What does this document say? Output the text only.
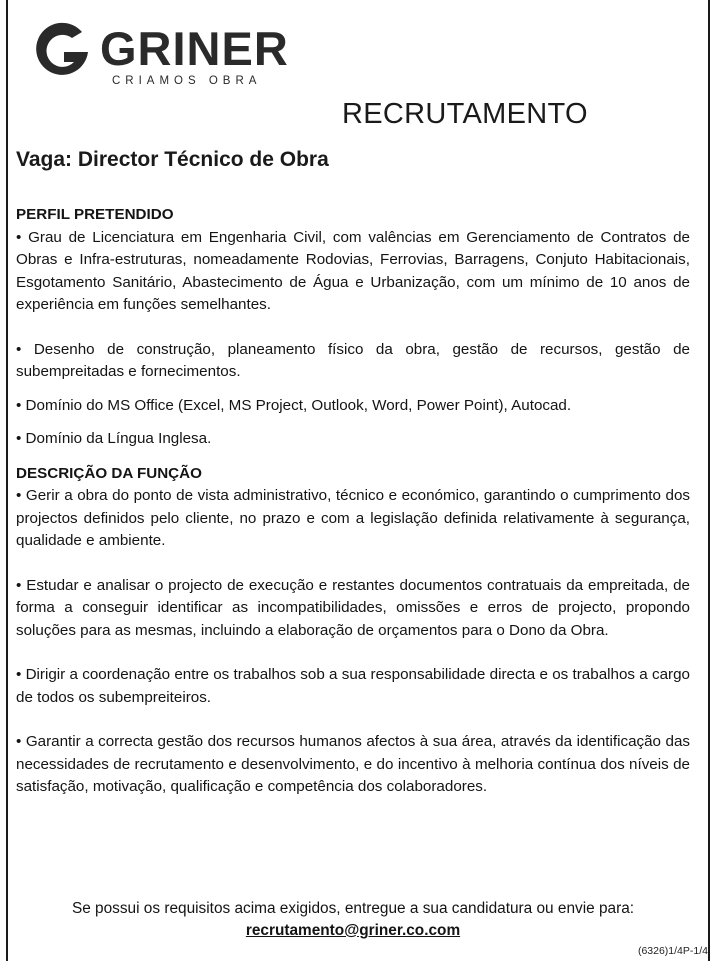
GRINER
CRIAMOS OBRA
RECRUTAMENTO
Vaga: Director Técnico de Obra

PERFIL PRETENDIDO

• Grau de Licenciatura em Engenharia Civil, com valências em Gerenciamento de Contratos de Obras e Infra-estruturas, nomeadamente Rodovias, Ferrovias, Barragens, Conjuto Habitacionais, Esgotamento Sanitário, Abastecimento de Água e Urbanização, com um mínimo de 10 anos de experiência em funções semelhantes.

• Desenho de construção, planeamento físico da obra, gestão de recursos, gestão de subempreitadas e fornecimentos.

• Domínio do MS Office (Excel, MS Project, Outlook, Word, Power Point), Autocad.

• Domínio da Língua Inglesa.

DESCRIÇÃO DA FUNÇÃO

• Gerir a obra do ponto de vista administrativo, técnico e económico, garantindo o cumprimento dos projectos definidos pelo cliente, no prazo e com a legislação definida relativamente à segurança, qualidade e ambiente.

• Estudar e analisar o projecto de execução e restantes documentos contratuais da empreitada, de forma a conseguir identificar as incompatibilidades, omissões e erros de projecto, propondo soluções para as mesmas, incluindo a elaboração de orçamentos para o Dono da Obra.

• Dirigir a coordenação entre os trabalhos sob a sua responsabilidade directa e os trabalhos a cargo de todos os subempreiteiros.

• Garantir a correcta gestão dos recursos humanos afectos à sua área, através da identificação das necessidades de recrutamento e desenvolvimento, e do incentivo à melhoria contínua dos níveis de satisfação, motivação, qualificação e competência dos colaboradores.

Se possui os requisitos acima exigidos, entregue a sua candidatura ou envie para:
recrutamento@griner.co.com
(6326)1/4P-1/4
